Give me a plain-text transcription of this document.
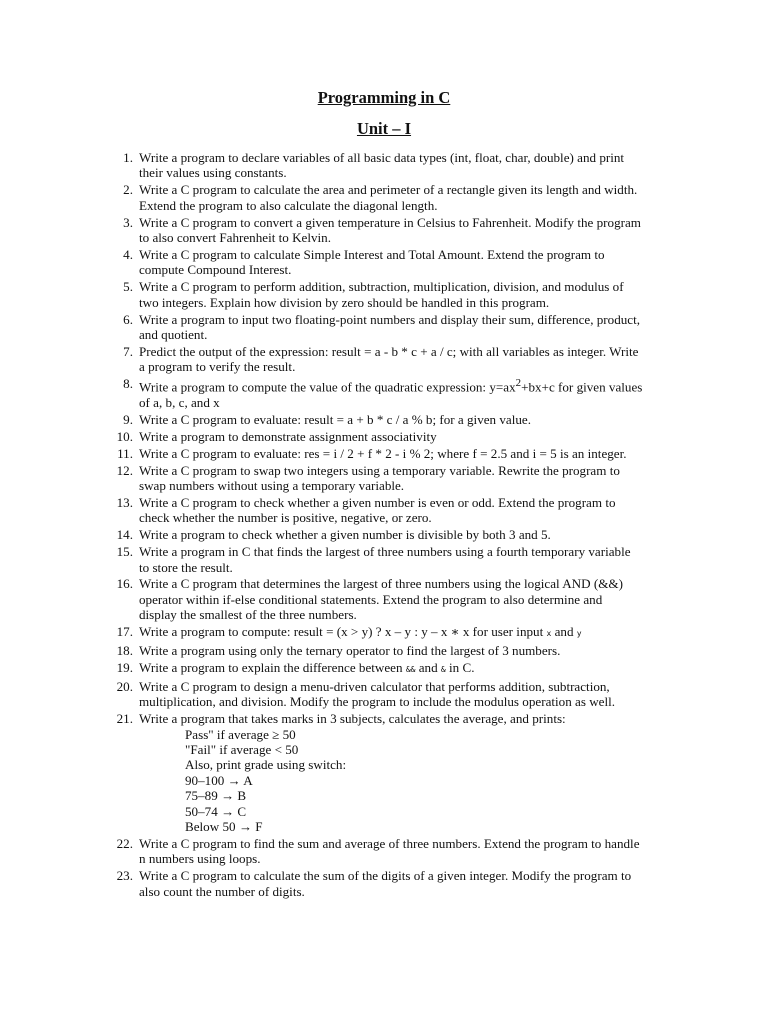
Programming in C
Unit – I
1. Write a program to declare variables of all basic data types (int, float, char, double) and print
their values using constants.
2. Write a C program to calculate the area and perimeter of a rectangle given its length and width.
Extend the program to also calculate the diagonal length.
3. Write a C program to convert a given temperature in Celsius to Fahrenheit. Modify the program
to also convert Fahrenheit to Kelvin.
4. Write a C program to calculate Simple Interest and Total Amount. Extend the program to
compute Compound Interest.
5. Write a C program to perform addition, subtraction, multiplication, division, and modulus of
two integers. Explain how division by zero should be handled in this program.
6. Write a program to input two floating-point numbers and display their sum, difference, product,
and quotient.
7. Predict the output of the expression: result = a - b * c + a / c; with all variables as integer. Write
a program to verify the result.
8. Write a program to compute the value of the quadratic expression: $y=ax^2+bx+c$ for given values
of a, b, c, and x
9. Write a C program to evaluate: result = a + b * c / a % b; for a given value.
10. Write a program to demonstrate assignment associativity
11. Write a C program to evaluate: res = i / 2 + f * 2 - i % 2; where f = 2.5 and i = 5 is an integer.
12. Write a C program to swap two integers using a temporary variable. Rewrite the program to
swap numbers without using a temporary variable.
13. Write a C program to check whether a given number is even or odd. Extend the program to
check whether the number is positive, negative, or zero.
14. Write a program to check whether a given number is divisible by both 3 and 5.
15. Write a program in C that finds the largest of three numbers using a fourth temporary variable
to store the result.
16. Write a C program that determines the largest of three numbers using the logical AND (&&)
operator within if-else conditional statements. Extend the program to also determine and
display the smallest of the three numbers.
17. Write a program to compute: result = (x > y) ? x – y : y – x ∗ x for user input x and y
18. Write a program using only the ternary operator to find the largest of 3 numbers.
19. Write a program to explain the difference between && and & in C.
20. Write a C program to design a menu-driven calculator that performs addition, subtraction,
multiplication, and division. Modify the program to include the modulus operation as well.
21. Write a program that takes marks in 3 subjects, calculates the average, and prints:
Pass" if average ≥ 50
"Fail" if average < 50
Also, print grade using switch:
90–100 → A
75–89 → B
50–74 → C
Below 50 → F
22. Write a C program to find the sum and average of three numbers. Extend the program to handle
n numbers using loops.
23. Write a C program to calculate the sum of the digits of a given integer. Modify the program to
also count the number of digits.
